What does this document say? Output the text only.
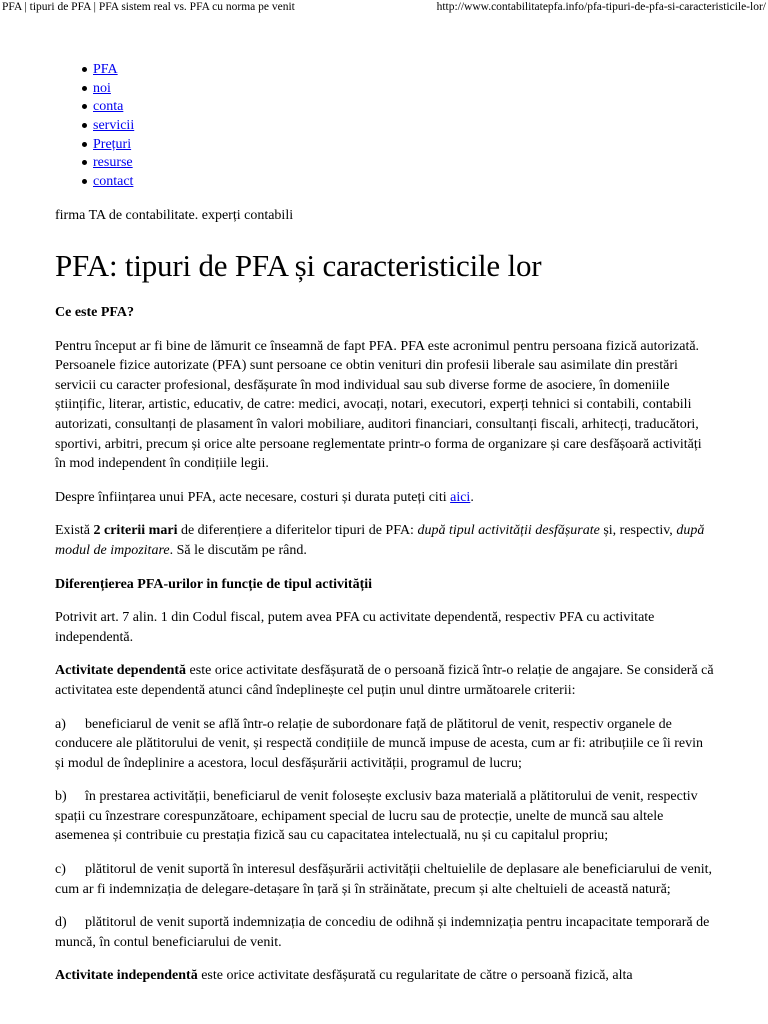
PFA | tipuri de PFA | PFA sistem real vs. PFA cu norma pe venit	http://www.contabilitatepfa.info/pfa-tipuri-de-pfa-si-caracteristicile-lor/
PFA
noi
conta
servicii
Prețuri
resurse
contact
firma TA de contabilitate. experți contabili
PFA: tipuri de PFA și caracteristicile lor

Ce este PFA?

Pentru început ar fi bine de lămurit ce înseamnă de fapt PFA. PFA este acronimul pentru persoana fizică autorizată. Persoanele fizice autorizate (PFA) sunt persoane ce obtin venituri din profesii liberale sau asimilate din prestări servicii cu caracter profesional, desfășurate în mod individual sau sub diverse forme de asociere, în domeniile științific, literar, artistic, educativ, de catre: medici, avocați, notari, executori, experți tehnici si contabili, contabili autorizati, consultanți de plasament în valori mobiliare, auditori financiari, consultanți fiscali, arhitecți, traducători, sportivi, arbitri, precum și orice alte persoane reglementate printr-o forma de organizare și care desfășoară activități în mod independent în condițiile legii.

Despre înființarea unui PFA, acte necesare, costuri și durata puteți citi aici.

Există 2 criterii mari de diferențiere a diferitelor tipuri de PFA: după tipul activității desfășurate și, respectiv, după modul de impozitare. Să le discutăm pe rând.

Diferențierea PFA-urilor in funcție de tipul activității

Potrivit art. 7 alin. 1 din Codul fiscal, putem avea PFA cu activitate dependentă, respectiv PFA cu activitate independentă.

Activitate dependentă este orice activitate desfășurată de o persoană fizică într-o relație de angajare. Se consideră că activitatea este dependentă atunci când îndeplinește cel puțin unul dintre următoarele criterii:

a) beneficiarul de venit se află într-o relație de subordonare față de plătitorul de venit, respectiv organele de conducere ale plătitorului de venit, și respectă condițiile de muncă impuse de acesta, cum ar fi: atribuțiile ce îi revin și modul de îndeplinire a acestora, locul desfășurării activității, programul de lucru;

b) în prestarea activității, beneficiarul de venit folosește exclusiv baza materială a plătitorului de venit, respectiv spații cu înzestrare corespunzătoare, echipament special de lucru sau de protecție, unelte de muncă sau altele asemenea și contribuie cu prestația fizică sau cu capacitatea intelectuală, nu și cu capitalul propriu;

c) plătitorul de venit suportă în interesul desfășurării activității cheltuielile de deplasare ale beneficiarului de venit, cum ar fi indemnizația de delegare-detașare în țară și în străinătate, precum și alte cheltuieli de această natură;

d) plătitorul de venit suportă indemnizația de concediu de odihnă și indemnizația pentru incapacitate temporară de muncă, în contul beneficiarului de venit.

Activitate independentă este orice activitate desfășurată cu regularitate de către o persoană fizică, alta
